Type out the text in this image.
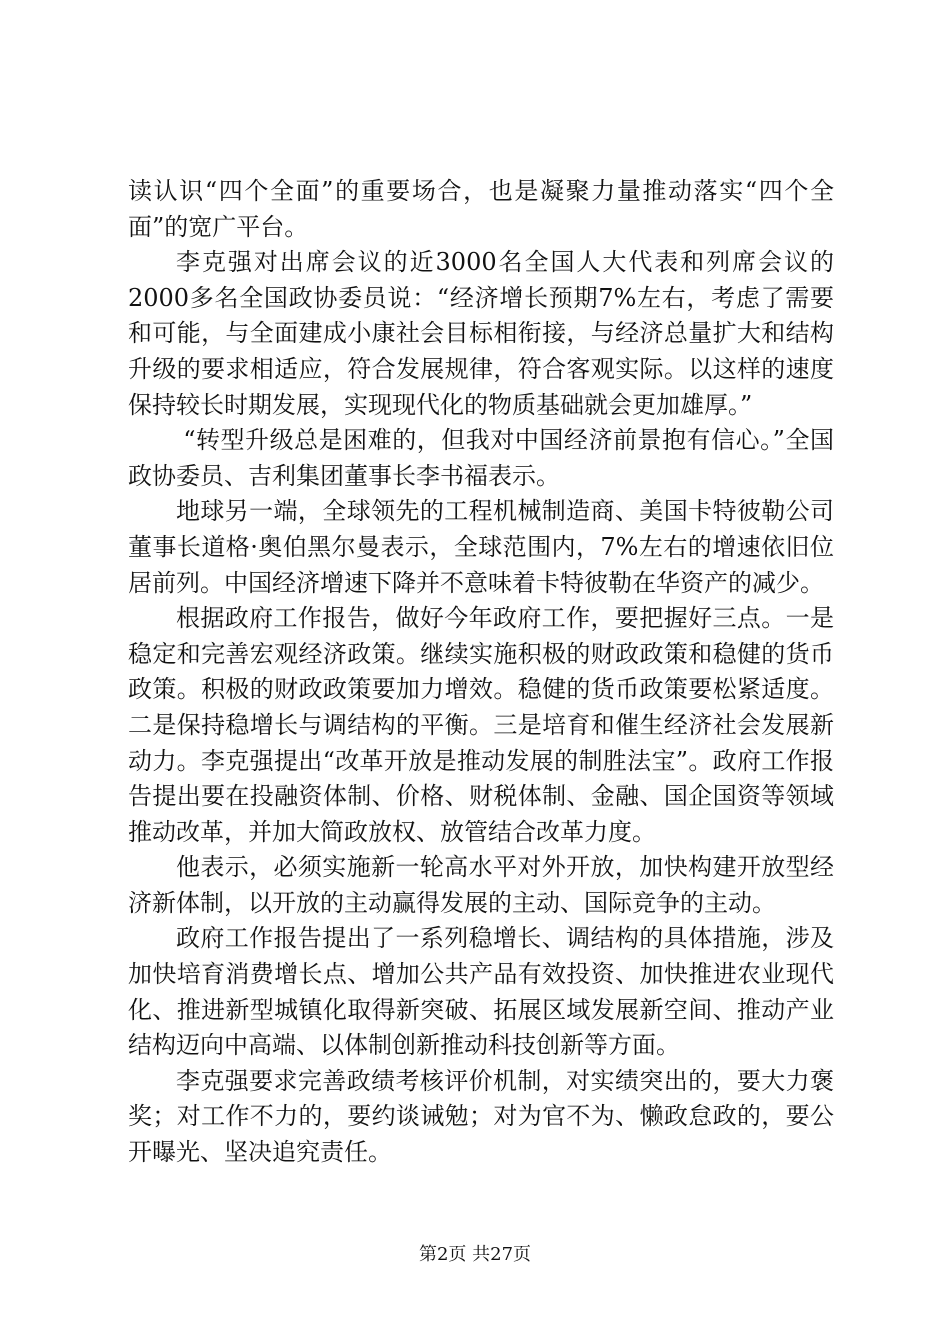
读认识“四个全面”的重要场合，也是凝聚力量推动落实“四个全面”的宽广平台。

李克强对出席会议的近3000名全国人大代表和列席会议的2000多名全国政协委员说：“经济增长预期7%左右，考虑了需要和可能，与全面建成小康社会目标相衔接，与经济总量扩大和结构升级的要求相适应，符合发展规律，符合客观实际。以这样的速度保持较长时期发展，实现现代化的物质基础就会更加雄厚。”

“转型升级总是困难的，但我对中国经济前景抱有信心。”全国政协委员、吉利集团董事长李书福表示。

地球另一端，全球领先的工程机械制造商、美国卡特彼勒公司董事长道格·奥伯黑尔曼表示，全球范围内，7%左右的增速依旧位居前列。中国经济增速下降并不意味着卡特彼勒在华资产的减少。

根据政府工作报告，做好今年政府工作，要把握好三点。一是稳定和完善宏观经济政策。继续实施积极的财政政策和稳健的货币政策。积极的财政政策要加力增效。稳健的货币政策要松紧适度。二是保持稳增长与调结构的平衡。三是培育和催生经济社会发展新动力。李克强提出“改革开放是推动发展的制胜法宝”。政府工作报告提出要在投融资体制、价格、财税体制、金融、国企国资等领域推动改革，并加大简政放权、放管结合改革力度。

他表示，必须实施新一轮高水平对外开放，加快构建开放型经济新体制，以开放的主动赢得发展的主动、国际竞争的主动。

政府工作报告提出了一系列稳增长、调结构的具体措施，涉及加快培育消费增长点、增加公共产品有效投资、加快推进农业现代化、推进新型城镇化取得新突破、拓展区域发展新空间、推动产业结构迈向中高端、以体制创新推动科技创新等方面。

李克强要求完善政绩考核评价机制，对实绩突出的，要大力褒奖；对工作不力的，要约谈诫勉；对为官不为、懒政怠政的，要公开曝光、坚决追究责任。

第2页 共27页
